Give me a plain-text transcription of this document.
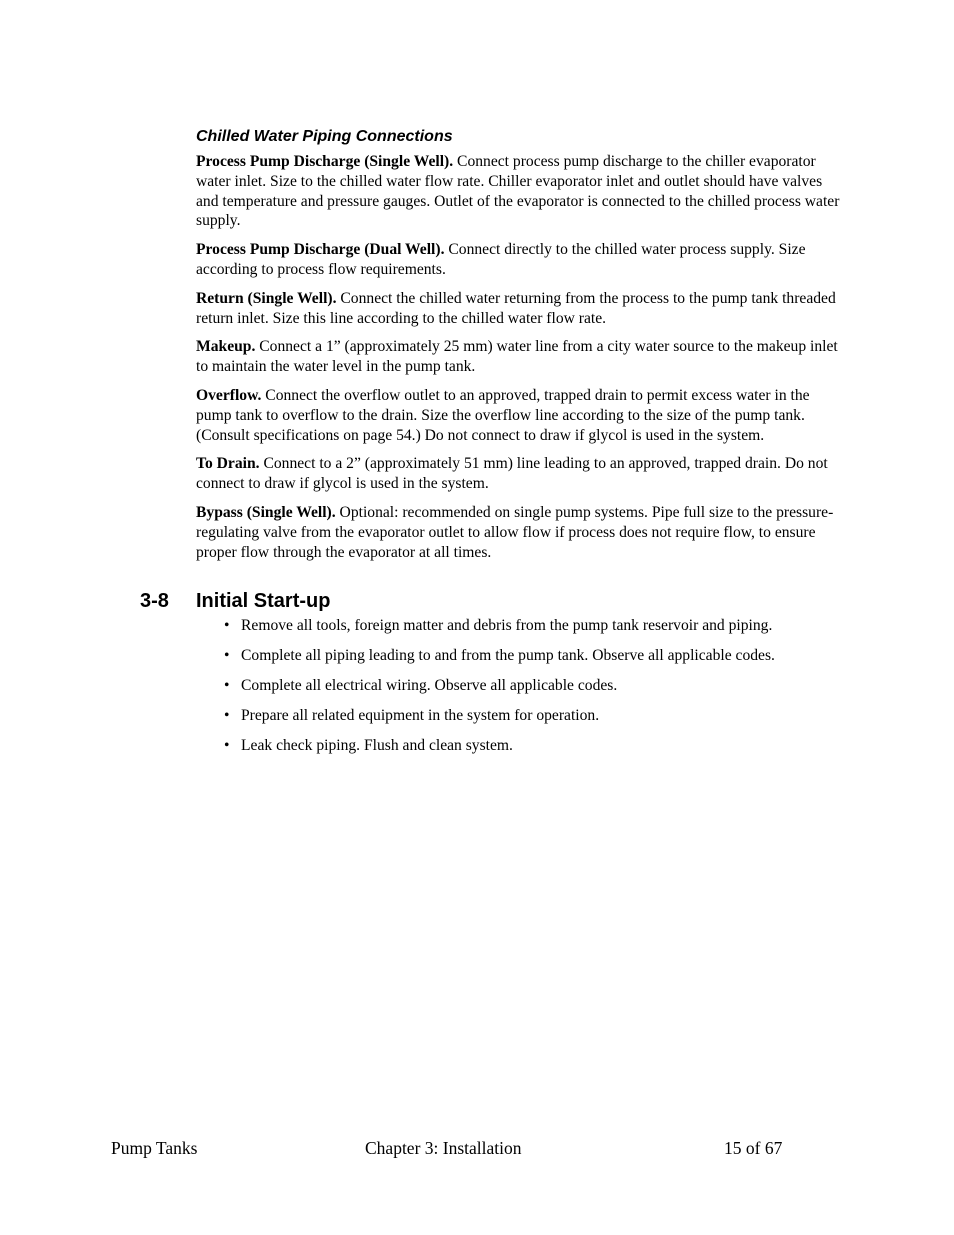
Chilled Water Piping Connections

Process Pump Discharge (Single Well). Connect process pump discharge to the chiller evaporator water inlet. Size to the chilled water flow rate. Chiller evaporator inlet and outlet should have valves and temperature and pressure gauges. Outlet of the evaporator is connected to the chilled process water supply.

Process Pump Discharge (Dual Well). Connect directly to the chilled water process supply. Size according to process flow requirements.

Return (Single Well). Connect the chilled water returning from the process to the pump tank threaded return inlet. Size this line according to the chilled water flow rate.

Makeup. Connect a 1” (approximately 25 mm) water line from a city water source to the makeup inlet to maintain the water level in the pump tank.

Overflow. Connect the overflow outlet to an approved, trapped drain to permit excess water in the pump tank to overflow to the drain. Size the overflow line according to the size of the pump tank. (Consult specifications on page 54.) Do not connect to draw if glycol is used in the system.

To Drain. Connect to a 2” (approximately 51 mm) line leading to an approved, trapped drain. Do not connect to draw if glycol is used in the system.

Bypass (Single Well). Optional: recommended on single pump systems. Pipe full size to the pressure-regulating valve from the evaporator outlet to allow flow if process does not require flow, to ensure proper flow through the evaporator at all times.

3-8 Initial Start-up
• Remove all tools, foreign matter and debris from the pump tank reservoir and piping.
• Complete all piping leading to and from the pump tank. Observe all applicable codes.
• Complete all electrical wiring. Observe all applicable codes.
• Prepare all related equipment in the system for operation.
• Leak check piping. Flush and clean system.
Pump Tanks	Chapter 3: Installation	15 of 67
